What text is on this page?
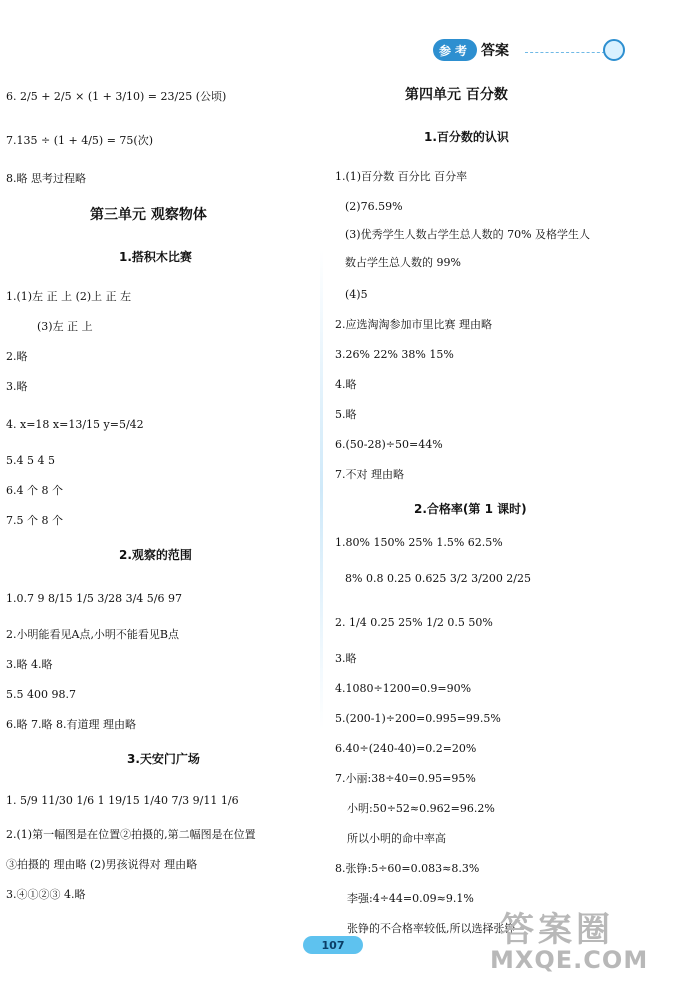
参考 答案
6. 2/5 + 2/5 × (1 + 3/10) = 23/25 (公顷)
7.135 ÷ (1 + 4/5) = 75(次)
8.略 思考过程略
第三单元 观察物体
1.搭积木比赛
1.(1)左 正 上 (2)上 正 左
(3)左 正 上
2.略
3.略
4. x=18 x=13/15 y=5/42
5.4 5 4 5
6.4 个 8 个
7.5 个 8 个
2.观察的范围
1.0.7 9 8/15 1/5 3/28 3/4 5/6 97
2.小明能看见A点,小明不能看见B点
3.略 4.略
5.5 400 98.7
6.略 7.略 8.有道理 理由略
3.天安门广场
1. 5/9 11/30 1/6 1 19/15 1/40 7/3 9/11 1/6
2.(1)第一幅图是在位置②拍摄的,第二幅图是在位置
③拍摄的 理由略 (2)男孩说得对 理由略
3.④①②③ 4.略
第四单元 百分数
1.百分数的认识
1.(1)百分数 百分比 百分率
(2)76.59%
(3)优秀学生人数占学生总人数的 70% 及格学生人
数占学生总人数的 99%
(4)5
2.应选淘淘参加市里比赛 理由略
3.26% 22% 38% 15%
4.略
5.略
6.(50-28)÷50=44%
7.不对 理由略
2.合格率(第 1 课时)
1.80% 150% 25% 1.5% 62.5%
8% 0.8 0.25 0.625 3/2 3/200 2/25
2. 1/4 0.25 25% 1/2 0.5 50%
3.略
4.1080÷1200=0.9=90%
5.(200-1)÷200=0.995=99.5%
6.40÷(240-40)=0.2=20%
7.小丽:38÷40=0.95=95%
小明:50÷52≈0.962=96.2%
所以小明的命中率高
8.张铮:5÷60=0.083≈8.3%
李强:4÷44=0.09≈9.1%
张铮的不合格率较低,所以选择张铮
107	答案圈
MXQE.COM
